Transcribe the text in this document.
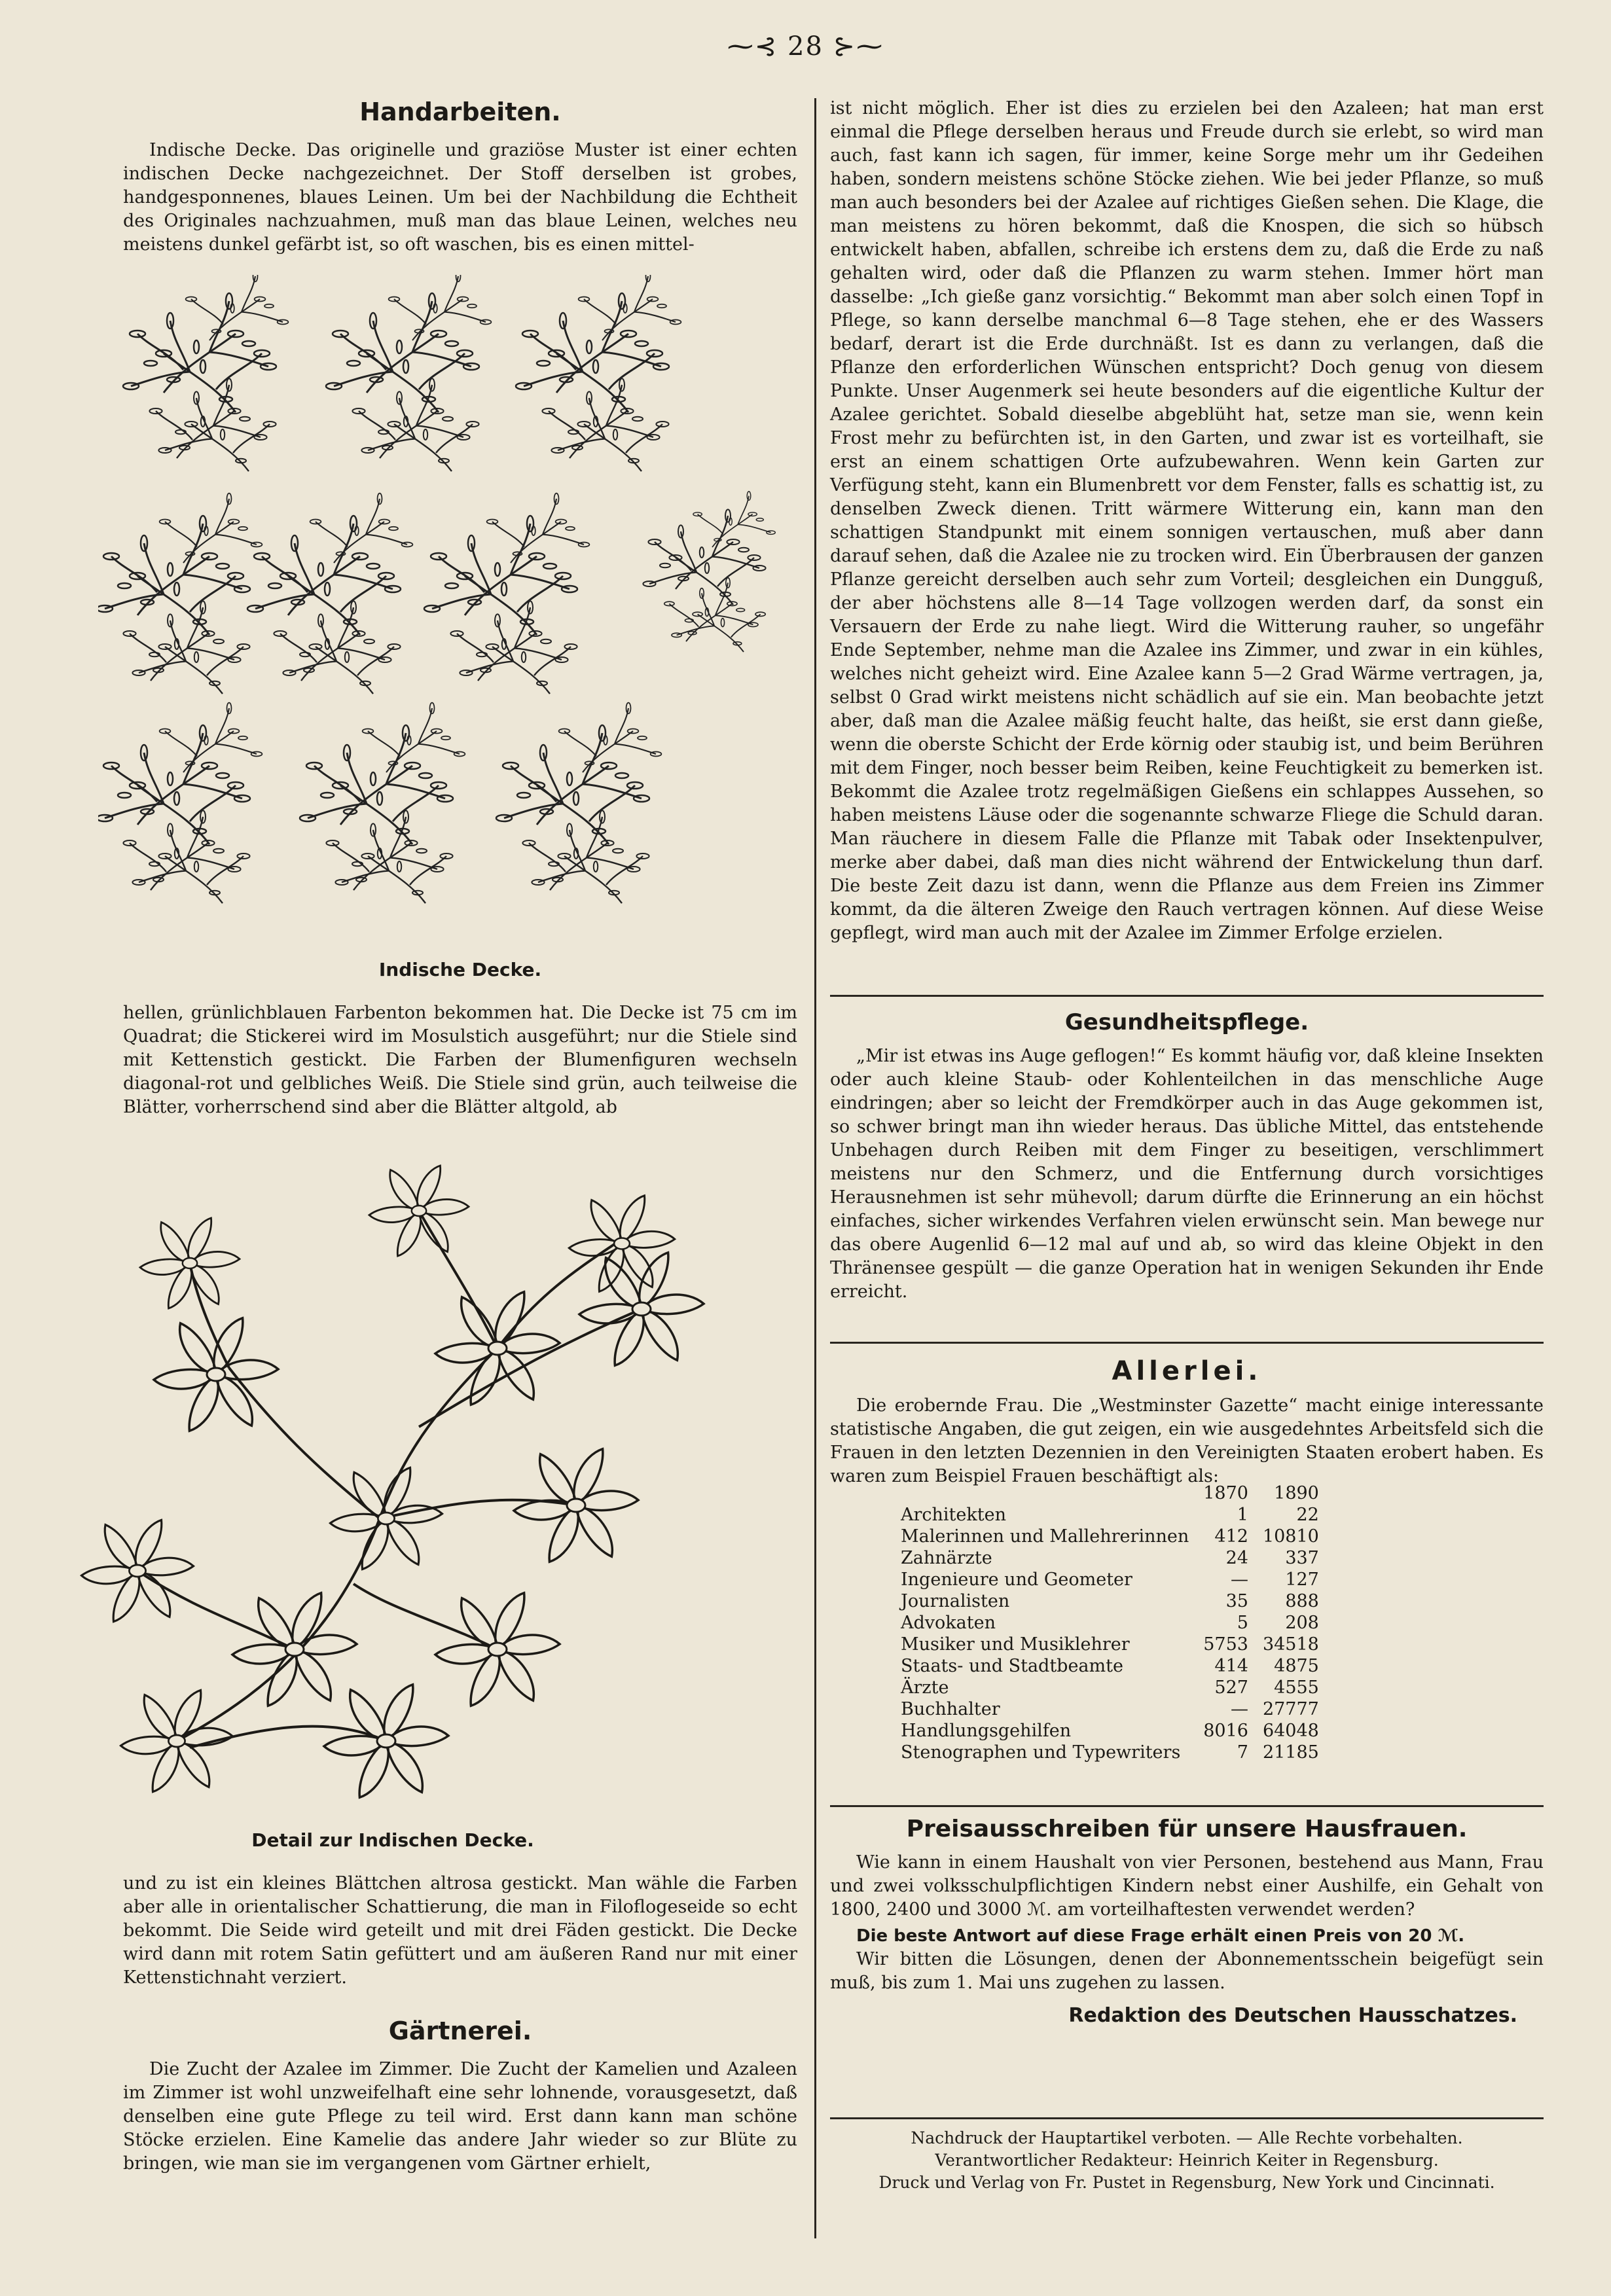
⁓⊰ 28 ⊱⁓
Handarbeiten.

Indische Decke. Das originelle und graziöse Muster ist einer echten indischen Decke nachgezeichnet. Der Stoff derselben ist grobes, handgesponnenes, blaues Leinen. Um bei der Nachbildung die Echtheit des Originales nachzuahmen, muß man das blaue Leinen, welches neu meistens dunkel gefärbt ist, so oft waschen, bis es einen mittel-

Indische Decke.

hellen, grünlichblauen Farbenton bekommen hat. Die Decke ist 75 cm im Quadrat; die Stickerei wird im Mosulstich ausgeführt; nur die Stiele sind mit Kettenstich gestickt. Die Farben der Blumenfiguren wechseln diagonal-rot und gelbliches Weiß. Die Stiele sind grün, auch teilweise die Blätter, vorherrschend sind aber die Blätter altgold, ab

Detail zur Indischen Decke.

und zu ist ein kleines Blättchen altrosa gestickt. Man wähle die Farben aber alle in orientalischer Schattierung, die man in Filoflogeseide so echt bekommt. Die Seide wird geteilt und mit drei Fäden gestickt. Die Decke wird dann mit rotem Satin gefüttert und am äußeren Rand nur mit einer Kettenstichnaht verziert.

Gärtnerei.

Die Zucht der Azalee im Zimmer. Die Zucht der Kamelien und Azaleen im Zimmer ist wohl unzweifelhaft eine sehr lohnende, vorausgesetzt, daß denselben eine gute Pflege zu teil wird. Erst dann kann man schöne Stöcke erzielen. Eine Kamelie das andere Jahr wieder so zur Blüte zu bringen, wie man sie im vergangenen vom Gärtner erhielt,

ist nicht möglich. Eher ist dies zu erzielen bei den Azaleen; hat man erst einmal die Pflege derselben heraus und Freude durch sie erlebt, so wird man auch, fast kann ich sagen, für immer, keine Sorge mehr um ihr Gedeihen haben, sondern meistens schöne Stöcke ziehen. Wie bei jeder Pflanze, so muß man auch besonders bei der Azalee auf richtiges Gießen sehen. Die Klage, die man meistens zu hören bekommt, daß die Knospen, die sich so hübsch entwickelt haben, abfallen, schreibe ich erstens dem zu, daß die Erde zu naß gehalten wird, oder daß die Pflanzen zu warm stehen. Immer hört man dasselbe: „Ich gieße ganz vorsichtig.“ Bekommt man aber solch einen Topf in Pflege, so kann derselbe manchmal 6—8 Tage stehen, ehe er des Wassers bedarf, derart ist die Erde durchnäßt. Ist es dann zu verlangen, daß die Pflanze den erforderlichen Wünschen entspricht? Doch genug von diesem Punkte. Unser Augenmerk sei heute besonders auf die eigentliche Kultur der Azalee gerichtet. Sobald dieselbe abgeblüht hat, setze man sie, wenn kein Frost mehr zu befürchten ist, in den Garten, und zwar ist es vorteilhaft, sie erst an einem schattigen Orte aufzubewahren. Wenn kein Garten zur Verfügung steht, kann ein Blumenbrett vor dem Fenster, falls es schattig ist, zu denselben Zweck dienen. Tritt wärmere Witterung ein, kann man den schattigen Standpunkt mit einem sonnigen vertauschen, muß aber dann darauf sehen, daß die Azalee nie zu trocken wird. Ein Überbrausen der ganzen Pflanze gereicht derselben auch sehr zum Vorteil; desgleichen ein Dungguß, der aber höchstens alle 8—14 Tage vollzogen werden darf, da sonst ein Versauern der Erde zu nahe liegt. Wird die Witterung rauher, so ungefähr Ende September, nehme man die Azalee ins Zimmer, und zwar in ein kühles, welches nicht geheizt wird. Eine Azalee kann 5—2 Grad Wärme vertragen, ja, selbst 0 Grad wirkt meistens nicht schädlich auf sie ein. Man beobachte jetzt aber, daß man die Azalee mäßig feucht halte, das heißt, sie erst dann gieße, wenn die oberste Schicht der Erde körnig oder staubig ist, und beim Berühren mit dem Finger, noch besser beim Reiben, keine Feuchtigkeit zu bemerken ist. Bekommt die Azalee trotz regelmäßigen Gießens ein schlappes Aussehen, so haben meistens Läuse oder die sogenannte schwarze Fliege die Schuld daran. Man räuchere in diesem Falle die Pflanze mit Tabak oder Insektenpulver, merke aber dabei, daß man dies nicht während der Entwickelung thun darf. Die beste Zeit dazu ist dann, wenn die Pflanze aus dem Freien ins Zimmer kommt, da die älteren Zweige den Rauch vertragen können. Auf diese Weise gepflegt, wird man auch mit der Azalee im Zimmer Erfolge erzielen.

Gesundheitspflege.

„Mir ist etwas ins Auge geflogen!“ Es kommt häufig vor, daß kleine Insekten oder auch kleine Staub- oder Kohlenteilchen in das menschliche Auge eindringen; aber so leicht der Fremdkörper auch in das Auge gekommen ist, so schwer bringt man ihn wieder heraus. Das übliche Mittel, das entstehende Unbehagen durch Reiben mit dem Finger zu beseitigen, verschlimmert meistens nur den Schmerz, und die Entfernung durch vorsichtiges Herausnehmen ist sehr mühevoll; darum dürfte die Erinnerung an ein höchst einfaches, sicher wirkendes Verfahren vielen erwünscht sein. Man bewege nur das obere Augenlid 6—12 mal auf und ab, so wird das kleine Objekt in den Thränensee gespült — die ganze Operation hat in wenigen Sekunden ihr Ende erreicht.

Allerlei.

Die erobernde Frau. Die „Westminster Gazette“ macht einige interessante statistische Angaben, die gut zeigen, ein wie ausgedehntes Arbeitsfeld sich die Frauen in den letzten Dezennien in den Vereinigten Staaten erobert haben. Es waren zum Beispiel Frauen beschäftigt als:

	1870	1890
Architekten	1	22
Malerinnen und Mallehrerinnen	412	10810
Zahnärzte	24	337
Ingenieure und Geometer	—	127
Journalisten	35	888
Advokaten	5	208
Musiker und Musiklehrer	5753	34518
Staats- und Stadtbeamte	414	4875
Ärzte	527	4555
Buchhalter	—	27777
Handlungsgehilfen	8016	64048
Stenographen und Typewriters	7	21185
Preisausschreiben für unsere Hausfrauen.

Wie kann in einem Haushalt von vier Personen, bestehend aus Mann, Frau und zwei volksschulpflichtigen Kindern nebst einer Aushilfe, ein Gehalt von 1800, 2400 und 3000 ℳ. am vorteilhaftesten verwendet werden?

Die beste Antwort auf diese Frage erhält einen Preis von 20 ℳ.

Wir bitten die Lösungen, denen der Abonnementsschein beigefügt sein muß, bis zum 1. Mai uns zugehen zu lassen.

Redaktion des Deutschen Hausschatzes.

Nachdruck der Hauptartikel verboten. — Alle Rechte vorbehalten.
Verantwortlicher Redakteur: Heinrich Keiter in Regensburg.
Druck und Verlag von Fr. Pustet in Regensburg, New York und Cincinnati.
